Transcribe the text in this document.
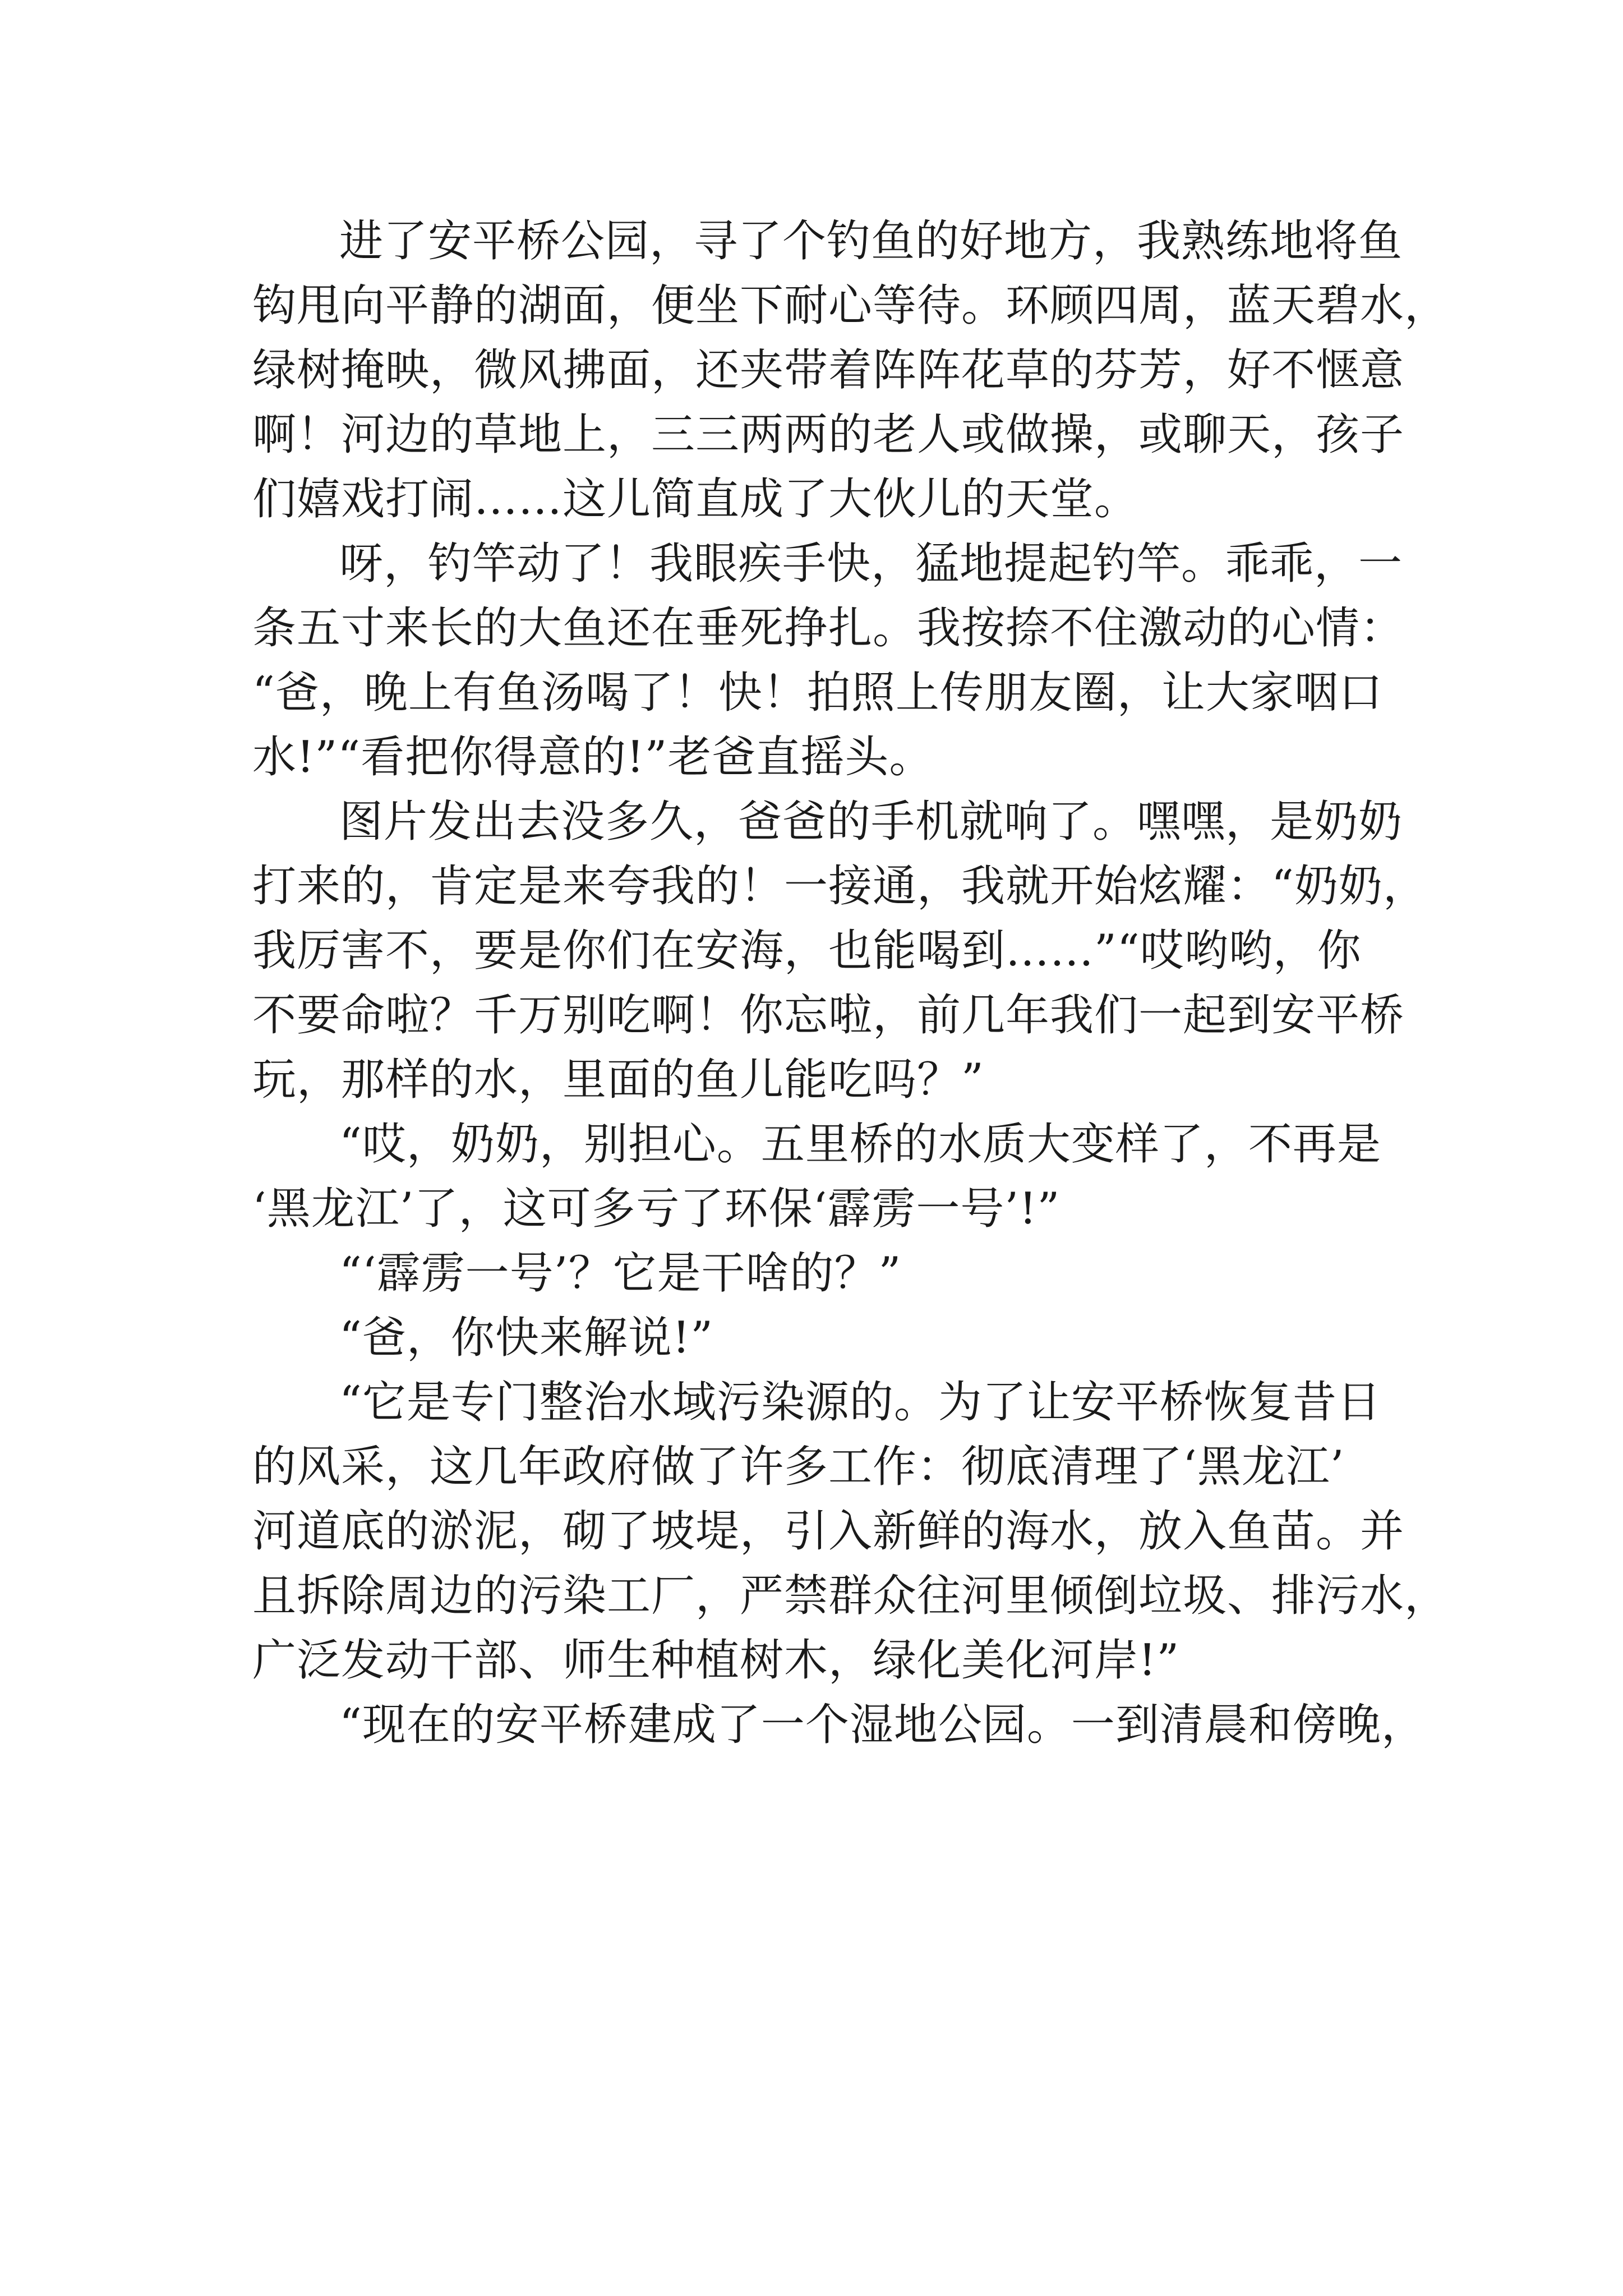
进了安平桥公园，寻了个钓鱼的好地方，我熟练地将鱼
钩甩向平静的湖面，便坐下耐心等待。环顾四周，蓝天碧水，
绿树掩映，微风拂面，还夹带着阵阵花草的芬芳，好不惬意
啊！河边的草地上，三三两两的老人或做操，或聊天，孩子
们嬉戏打闹……这儿简直成了大伙儿的天堂。
呀，钓竿动了！我眼疾手快，猛地提起钓竿。乖乖，一
条五寸来长的大鱼还在垂死挣扎。我按捺不住激动的心情：
“爸，晚上有鱼汤喝了！快！拍照上传朋友圈，让大家咽口
水!”“看把你得意的!”老爸直摇头。
图片发出去没多久，爸爸的手机就响了。嘿嘿，是奶奶
打来的，肯定是来夸我的！一接通，我就开始炫耀：“奶奶，
我厉害不，要是你们在安海，也能喝到……”“哎哟哟，你
不要命啦？千万别吃啊！你忘啦，前几年我们一起到安平桥
玩，那样的水，里面的鱼儿能吃吗？”
“哎，奶奶，别担心。五里桥的水质大变样了，不再是
‘黑龙江’了，这可多亏了环保‘霹雳一号’!”
“‘霹雳一号’？它是干啥的？”
“爸，你快来解说!”
“它是专门整治水域污染源的。为了让安平桥恢复昔日
的风采，这几年政府做了许多工作：彻底清理了‘黑龙江’
河道底的淤泥，砌了坡堤，引入新鲜的海水，放入鱼苗。并
且拆除周边的污染工厂，严禁群众往河里倾倒垃圾、排污水，
广泛发动干部、师生种植树木，绿化美化河岸!”
“现在的安平桥建成了一个湿地公园。一到清晨和傍晚，
